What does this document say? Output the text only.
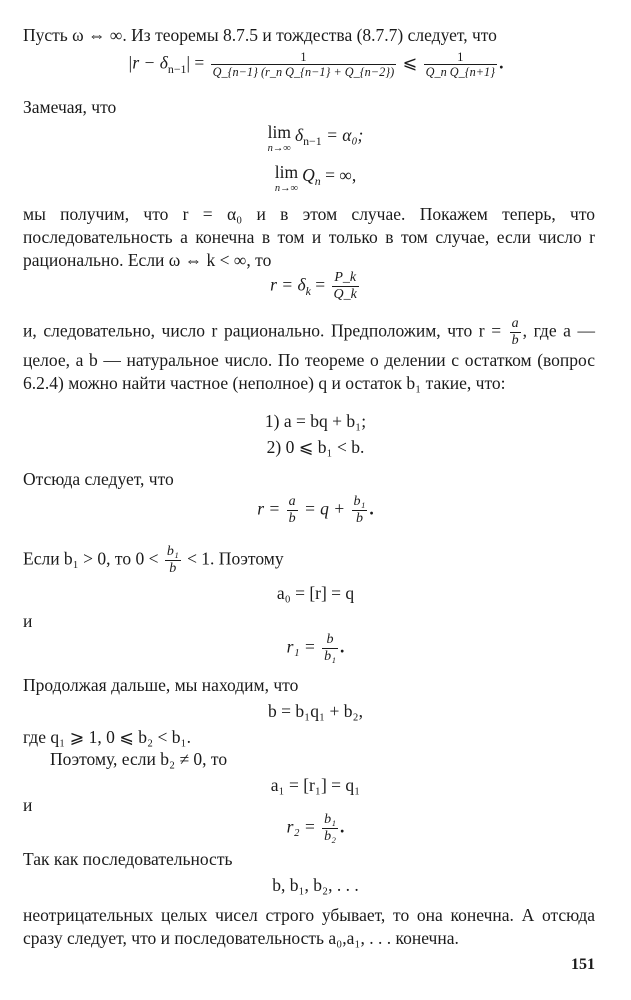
Пусть ω ⇔ ∞. Из теоремы 8.7.5 и тождества (8.7.7) следует, что

$|r - \delta_{n-1}| = \frac{1}{\text{Q\_\{n−1\} (r\_n Q\_\{n−1\} + Q\_\{n−2\})}}$ ⩽ $\frac{1}{\text{Q\_n Q\_\{n+1\}}}$ .

Замечая, что

lim
n→∞
$\delta_{n-1} = \alpha_0$;
lim
n→∞
$Q_n$ = ∞,

мы получим, что r = α₀ и в этом случае. Покажем теперь, что последовательность a конечна в том и только в том случае, если число r рационально. Если ω ⇔ k < ∞, то

$r = \delta_k = \frac{P\_k}{Q\_k}$
и, следовательно, число r рационально. Предположим, что $r = \frac{a}{b}$ , где a — целое, a b — натуральное число. По теореме о делении с остатком (вопрос 6.2.4) можно найти частное (неполное) q и остаток b₁ такие, что:
1) a = bq + b₁;
2) 0 ⩽ b₁ < b.

Отсюда следует, что

$r = \frac{a}{b} = q + \frac{\text{b₁}}{b}$ .
Если b₁ > 0, то $0 < \frac{\text{b₁}}{b} < 1$. Поэтому
a₀ = [r] = q

и

$r_1 = \frac{b}{\text{b₁}}$ .

Продолжая дальше, мы находим, что

b = b₁q₁ + b₂,

где q₁ ⩾ 1, 0 ⩽ b₂ < b₁.

Поэтому, если b₂ ≠ 0, то

a₁ = [r₁] = q₁

и

$r_2 = \frac{\text{b₁}}{\text{b₂}}$ .

Так как последовательность

b, b₁, b₂, . . .

неотрицательных целых чисел строго убывает, то она конечна. А отсюда сразу следует, что и последовательность a₀,a₁, . . . конечна.

151
